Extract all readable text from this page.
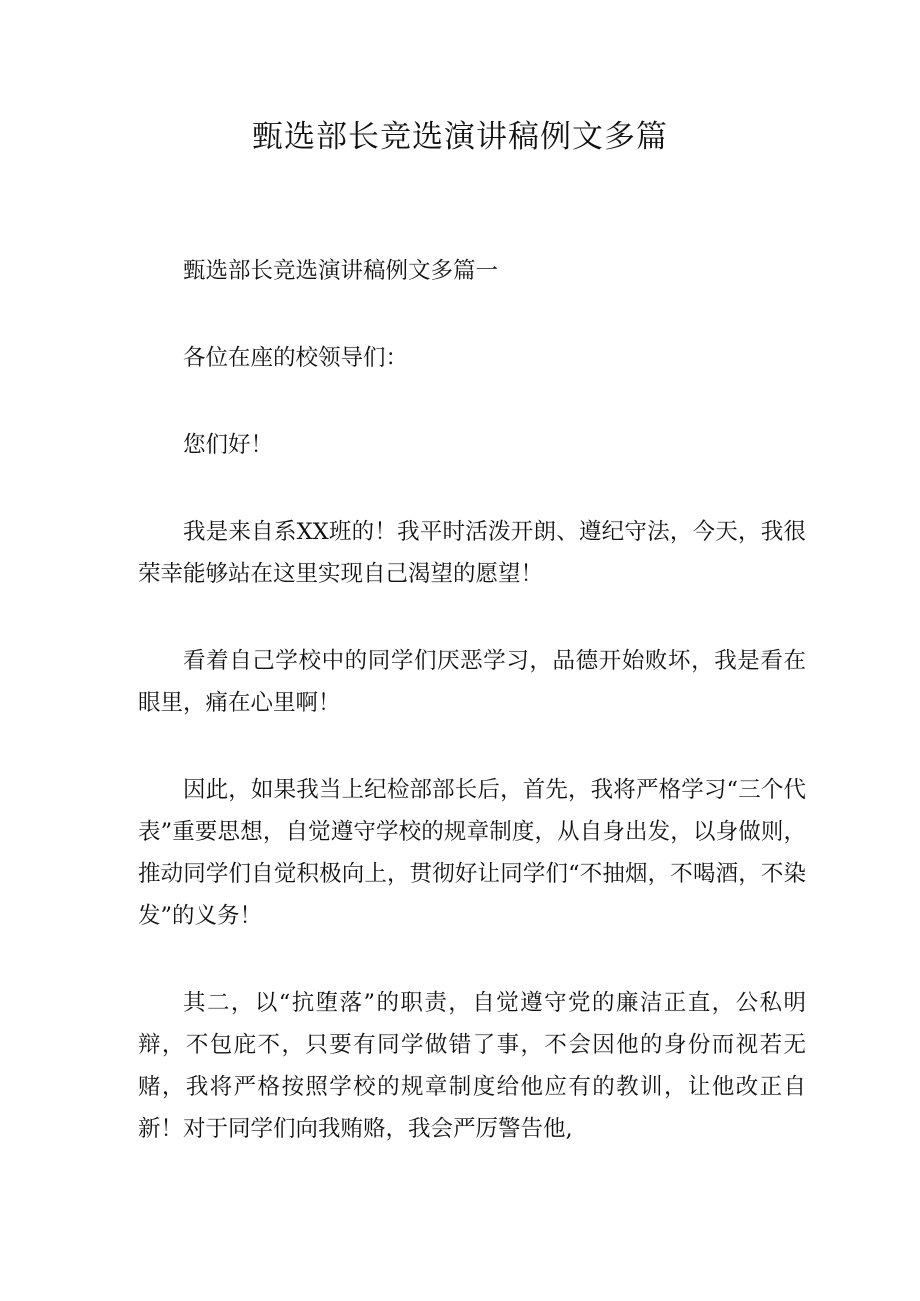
甄选部长竞选演讲稿例文多篇

甄选部长竞选演讲稿例文多篇一

各位在座的校领导们：

您们好！

我是来自系XX班的！我平时活泼开朗、遵纪守法，今天，我很荣幸能够站在这里实现自己渴望的愿望！

看着自己学校中的同学们厌恶学习，品德开始败坏，我是看在眼里，痛在心里啊！

因此，如果我当上纪检部部长后，首先，我将严格学习“三个代表”重要思想，自觉遵守学校的规章制度，从自身出发，以身做则，推动同学们自觉积极向上，贯彻好让同学们“不抽烟，不喝酒，不染发”的义务！

其二，以“抗堕落”的职责，自觉遵守党的廉洁正直，公私明辩，不包庇不，只要有同学做错了事，不会因他的身份而视若无赌，我将严格按照学校的规章制度给他应有的教训，让他改正自新！对于同学们向我贿赂，我会严厉警告他,
